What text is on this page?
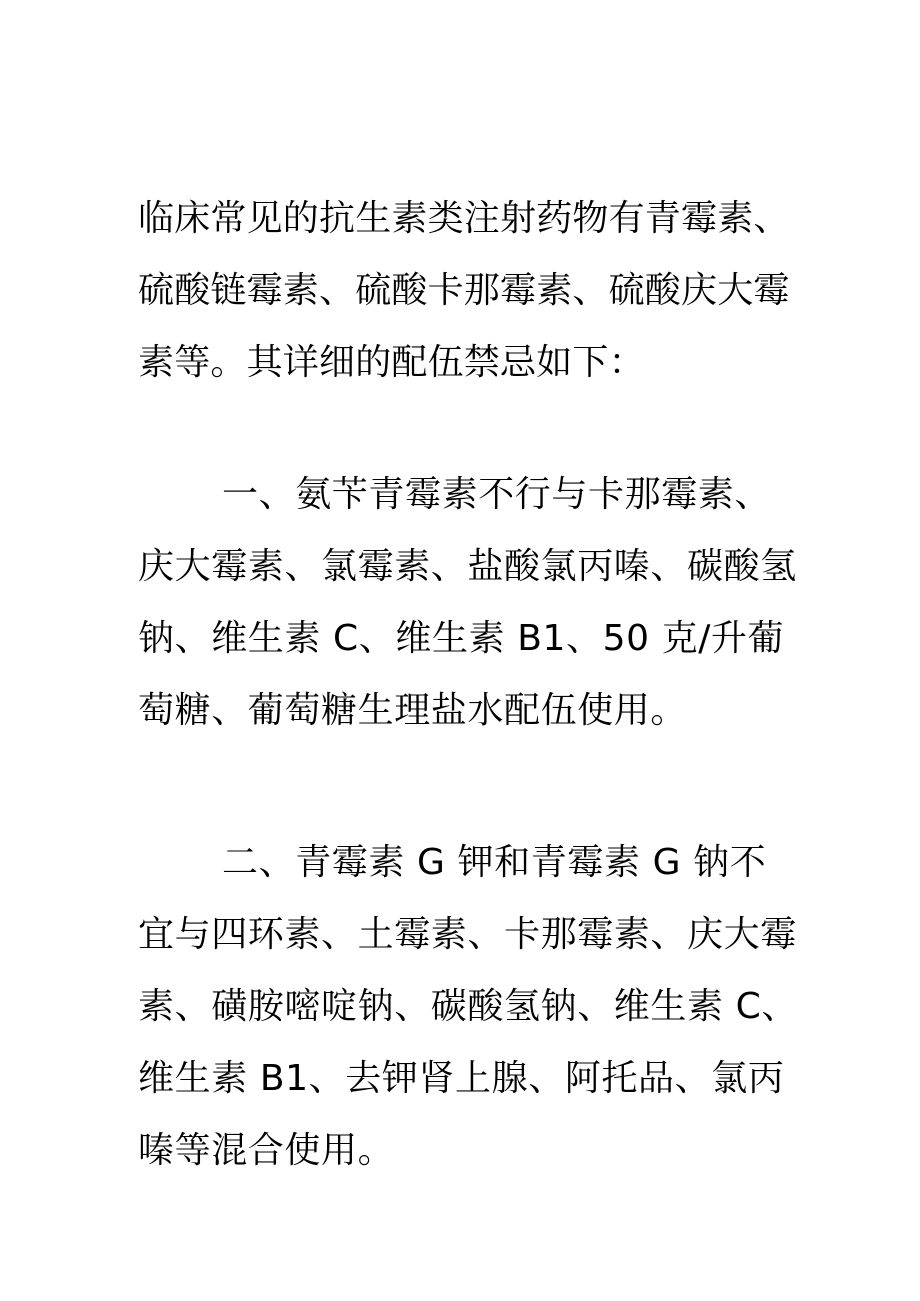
临床常见的抗生素类注射药物有青霉素、硫酸链霉素、硫酸卡那霉素、硫酸庆大霉素等。其详细的配伍禁忌如下：

一、氨苄青霉素不行与卡那霉素、庆大霉素、氯霉素、盐酸氯丙嗪、碳酸氢钠、维生素 C、维生素 B1、50 克/升葡萄糖、葡萄糖生理盐水配伍使用。

二、青霉素 G 钾和青霉素 G 钠不宜与四环素、土霉素、卡那霉素、庆大霉素、磺胺嘧啶钠、碳酸氢钠、维生素 C、维生素 B1、去钾肾上腺、阿托品、氯丙嗪等混合使用。
